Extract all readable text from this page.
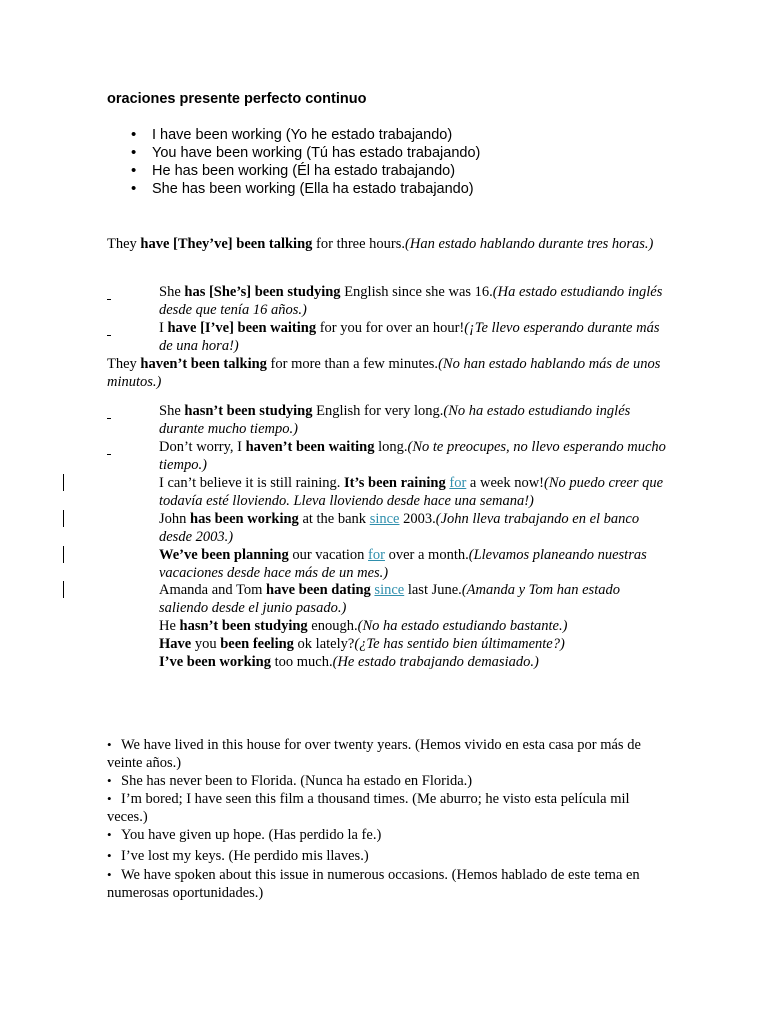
oraciones presente perfecto continuo
• I have been working (Yo he estado trabajando)
• You have been working (Tú has estado trabajando)
• He has been working (Él ha estado trabajando)
• She has been working (Ella ha estado trabajando)

They have [They’ve] been talking for three hours.(Han estado hablando durante tres horas.)

She has [She’s] been studying English since she was 16.(Ha estado estudiando inglés desde que tenía 16 años.)

I have [I’ve] been waiting for you for over an hour!(¡Te llevo esperando durante más de una hora!)

They haven’t been talking for more than a few minutes.(No han estado hablando más de unos minutos.)

She hasn’t been studying English for very long.(No ha estado estudiando inglés durante mucho tiempo.)

Don’t worry, I haven’t been waiting long.(No te preocupes, no llevo esperando mucho tiempo.)

I can’t believe it is still raining. It’s been raining for a week now!(No puedo creer que todavía esté lloviendo. Lleva lloviendo desde hace una semana!)

John has been working at the bank since 2003.(John lleva trabajando en el banco desde 2003.)

We’ve been planning our vacation for over a month.(Llevamos planeando nuestras vacaciones desde hace más de un mes.)

Amanda and Tom have been dating since last June.(Amanda y Tom han estado saliendo desde el junio pasado.)

He hasn’t been studying enough.(No ha estado estudiando bastante.)

Have you been feeling ok lately?(¿Te has sentido bien últimamente?)

I’ve been working too much.(He estado trabajando demasiado.)

• We have lived in this house for over twenty years. (Hemos vivido en esta casa por más de veinte años.)
• She has never been to Florida. (Nunca ha estado en Florida.)
• I’m bored; I have seen this film a thousand times. (Me aburro; he visto esta película mil veces.)
• You have given up hope. (Has perdido la fe.)
• I’ve lost my keys. (He perdido mis llaves.)
• We have spoken about this issue in numerous occasions. (Hemos hablado de este tema en numerosas oportunidades.)
